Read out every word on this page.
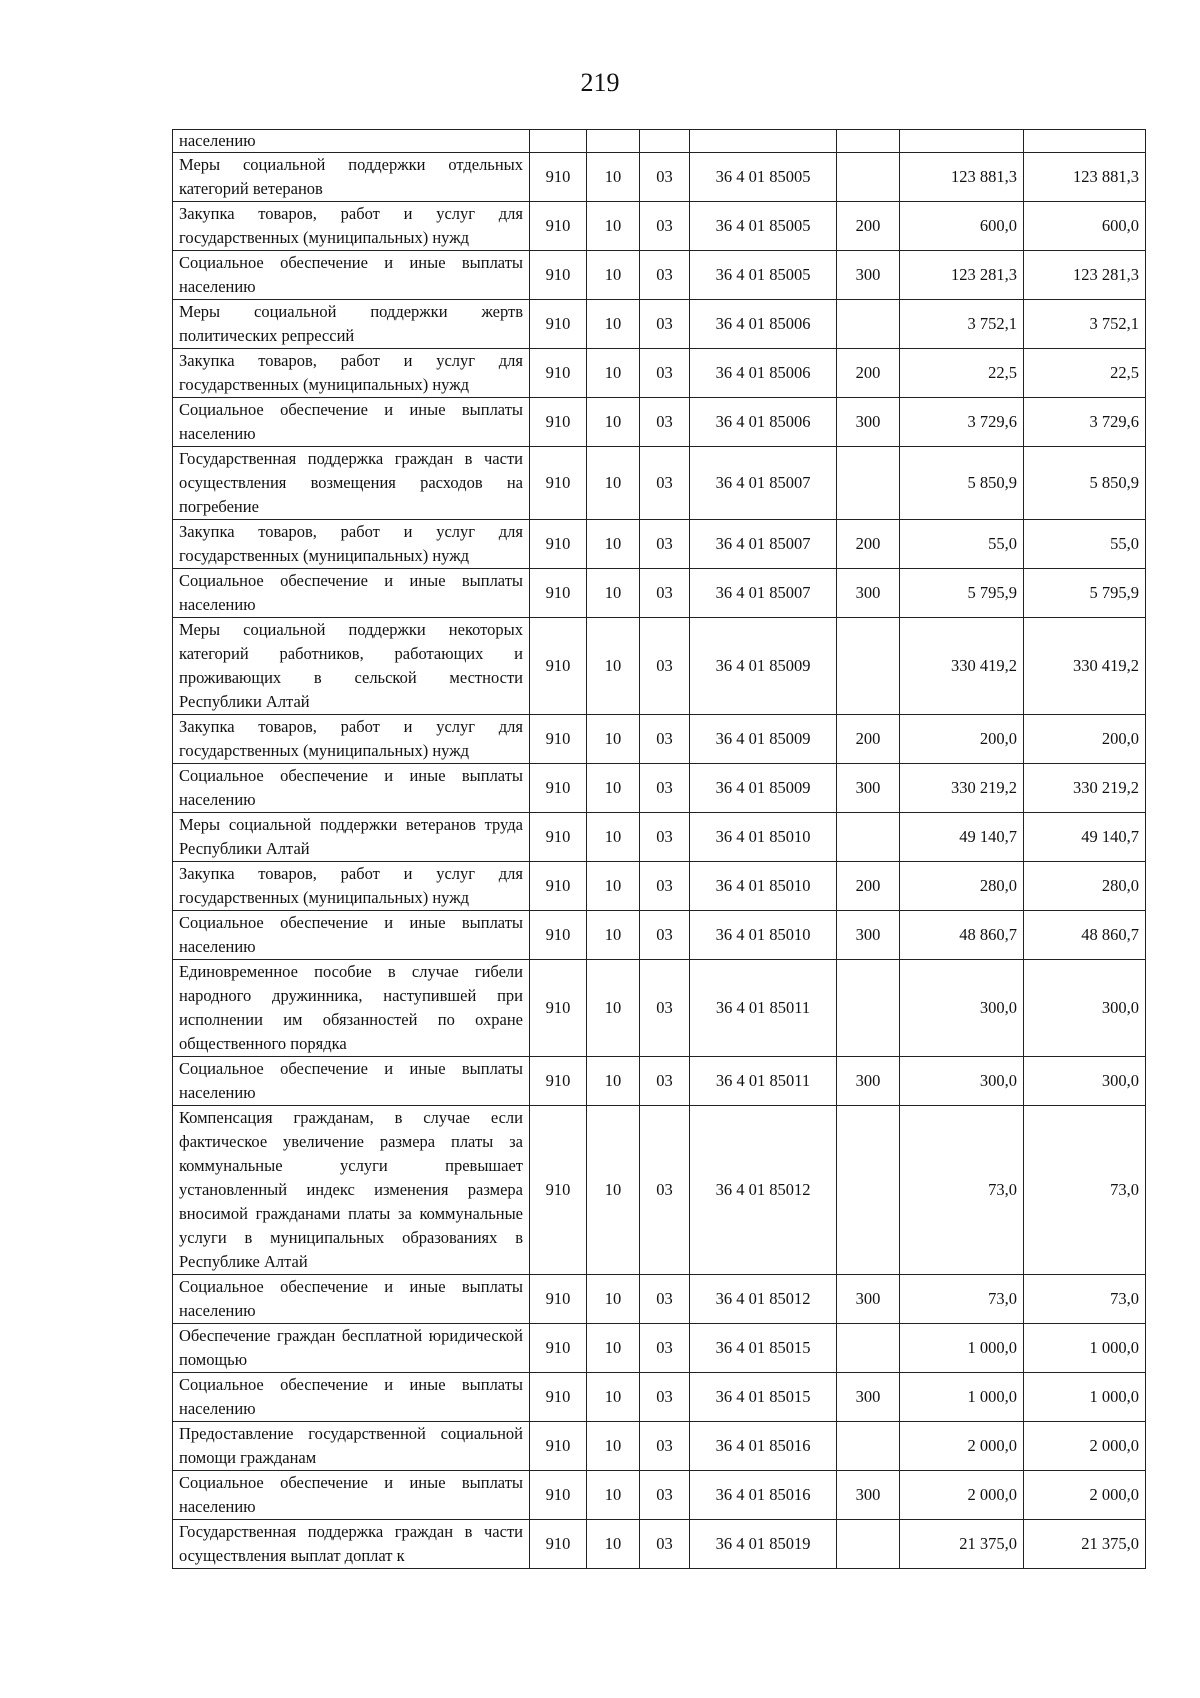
219
населению							
Меры социальной поддержки отдельных категорий ветеранов	910	10	03	36 4 01 85005		123 881,3	123 881,3
Закупка товаров, работ и услуг для государственных (муниципальных) нужд	910	10	03	36 4 01 85005	200	600,0	600,0
Социальное обеспечение и иные выплаты населению	910	10	03	36 4 01 85005	300	123 281,3	123 281,3
Меры социальной поддержки жертв политических репрессий	910	10	03	36 4 01 85006		3 752,1	3 752,1
Закупка товаров, работ и услуг для государственных (муниципальных) нужд	910	10	03	36 4 01 85006	200	22,5	22,5
Социальное обеспечение и иные выплаты населению	910	10	03	36 4 01 85006	300	3 729,6	3 729,6
Государственная поддержка граждан в части осуществления возмещения расходов на погребение	910	10	03	36 4 01 85007		5 850,9	5 850,9
Закупка товаров, работ и услуг для государственных (муниципальных) нужд	910	10	03	36 4 01 85007	200	55,0	55,0
Социальное обеспечение и иные выплаты населению	910	10	03	36 4 01 85007	300	5 795,9	5 795,9
Меры социальной поддержки некоторых категорий работников, работающих и проживающих в сельской местности Республики Алтай	910	10	03	36 4 01 85009		330 419,2	330 419,2
Закупка товаров, работ и услуг для государственных (муниципальных) нужд	910	10	03	36 4 01 85009	200	200,0	200,0
Социальное обеспечение и иные выплаты населению	910	10	03	36 4 01 85009	300	330 219,2	330 219,2
Меры социальной поддержки ветеранов труда Республики Алтай	910	10	03	36 4 01 85010		49 140,7	49 140,7
Закупка товаров, работ и услуг для государственных (муниципальных) нужд	910	10	03	36 4 01 85010	200	280,0	280,0
Социальное обеспечение и иные выплаты населению	910	10	03	36 4 01 85010	300	48 860,7	48 860,7
Единовременное пособие в случае гибели народного дружинника, наступившей при исполнении им обязанностей по охране общественного порядка	910	10	03	36 4 01 85011		300,0	300,0
Социальное обеспечение и иные выплаты населению	910	10	03	36 4 01 85011	300	300,0	300,0
Компенсация гражданам, в случае если фактическое увеличение размера платы за коммунальные услуги превышает установленный индекс изменения размера вносимой гражданами платы за коммунальные услуги в муниципальных образованиях в Республике Алтай	910	10	03	36 4 01 85012		73,0	73,0
Социальное обеспечение и иные выплаты населению	910	10	03	36 4 01 85012	300	73,0	73,0
Обеспечение граждан бесплатной юридической помощью	910	10	03	36 4 01 85015		1 000,0	1 000,0
Социальное обеспечение и иные выплаты населению	910	10	03	36 4 01 85015	300	1 000,0	1 000,0
Предоставление государственной социальной помощи гражданам	910	10	03	36 4 01 85016		2 000,0	2 000,0
Социальное обеспечение и иные выплаты населению	910	10	03	36 4 01 85016	300	2 000,0	2 000,0
Государственная поддержка граждан в части осуществления выплат доплат к	910	10	03	36 4 01 85019		21 375,0	21 375,0
